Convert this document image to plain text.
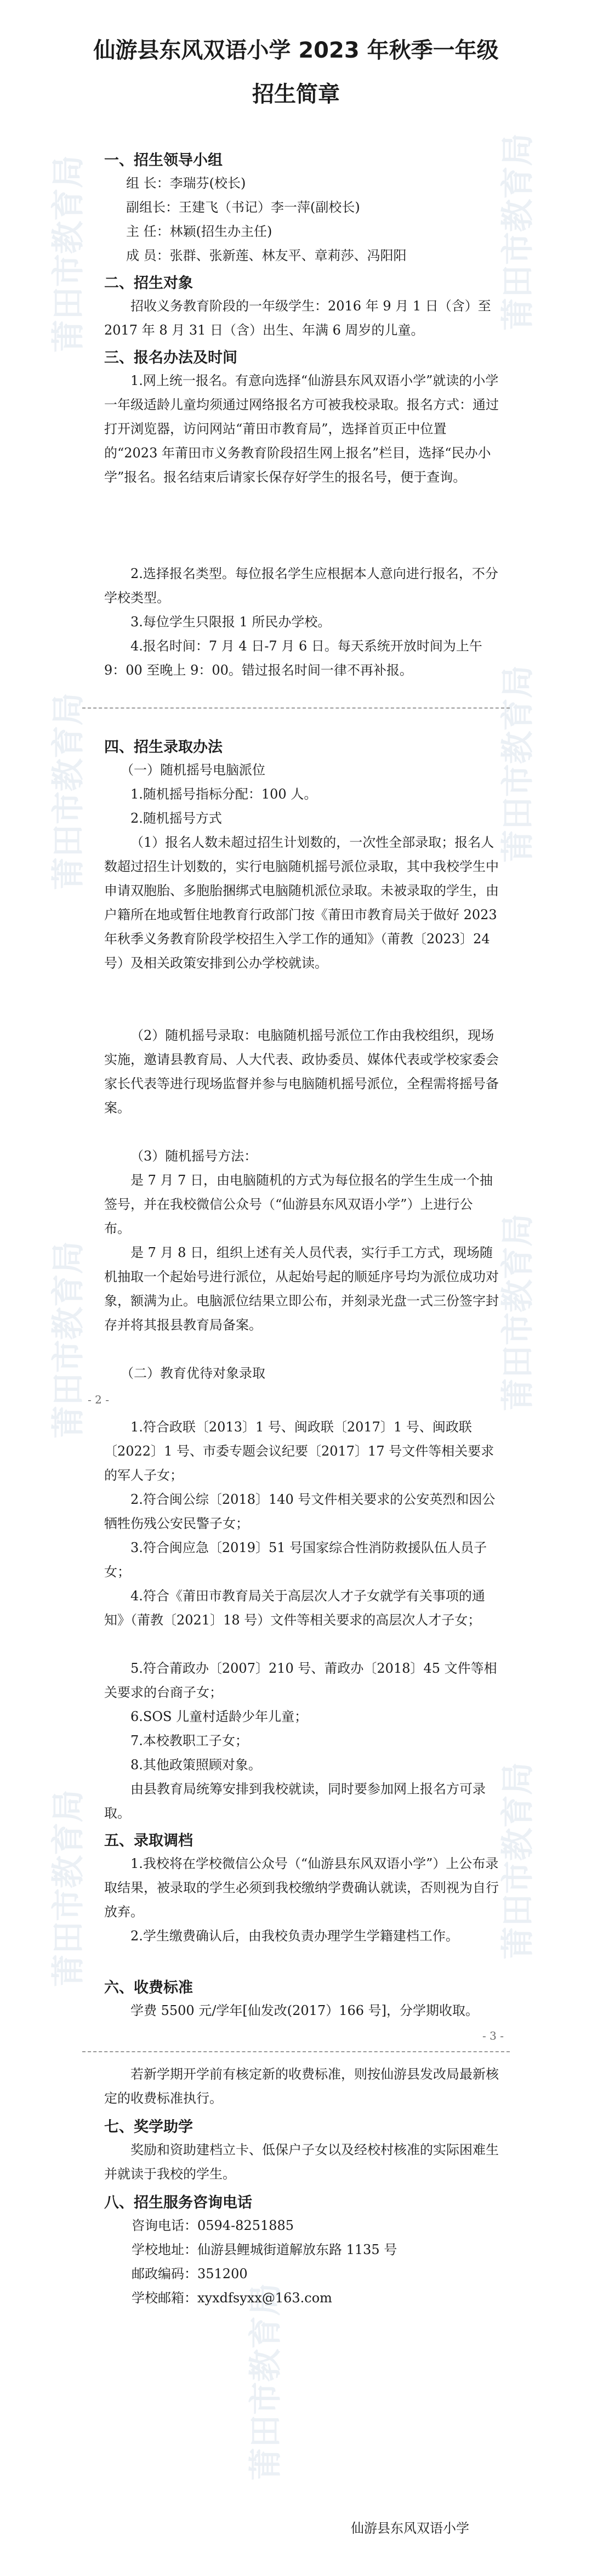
莆田市教育局	莆田市教育局
莆田市教育局	莆田市教育局
莆田市教育局	莆田市教育局
莆田市教育局	莆田市教育局
莆田市教育局
仙游县东风双语小学 2023 年秋季一年级
招生简章
一、招生领导小组
组 长：李瑞芬(校长)
副组长：王建飞（书记）李一萍(副校长)
主 任：林颖(招生办主任)
成 员：张群、张新莲、林友平、章莉莎、冯阳阳
二、招生对象
招收义务教育阶段的一年级学生：2016 年 9 月 1 日（含）至 2017 年 8 月 31 日（含）出生、年满 6 周岁的儿童。
三、报名办法及时间
1.网上统一报名。有意向选择“仙游县东风双语小学”就读的小学一年级适龄儿童均须通过网络报名方可被我校录取。报名方式：通过打开浏览器，访问网站“莆田市教育局”，选择首页正中位置的“2023 年莆田市义务教育阶段招生网上报名”栏目，选择“民办小学”报名。报名结束后请家长保存好学生的报名号，便于查询。
2.选择报名类型。每位报名学生应根据本人意向进行报名，不分学校类型。
3.每位学生只限报 1 所民办学校。
4.报名时间：7 月 4 日-7 月 6 日。每天系统开放时间为上午 9：00 至晚上 9：00。错过报名时间一律不再补报。
四、招生录取办法
（一）随机摇号电脑派位
1.随机摇号指标分配：100 人。
2.随机摇号方式
（1）报名人数未超过招生计划数的，一次性全部录取；报名人数超过招生计划数的，实行电脑随机摇号派位录取，其中我校学生中申请双胞胎、多胞胎捆绑式电脑随机派位录取。未被录取的学生，由户籍所在地或暂住地教育行政部门按《莆田市教育局关于做好 2023 年秋季义务教育阶段学校招生入学工作的通知》（莆教〔2023〕24 号）及相关政策安排到公办学校就读。
（2）随机摇号录取：电脑随机摇号派位工作由我校组织，现场实施，邀请县教育局、人大代表、政协委员、媒体代表或学校家委会家长代表等进行现场监督并参与电脑随机摇号派位，全程需将摇号备案。
（3）随机摇号方法：
是 7 月 7 日，由电脑随机的方式为每位报名的学生生成一个抽签号，并在我校微信公众号（“仙游县东风双语小学”）上进行公布。
是 7 月 8 日，组织上述有关人员代表，实行手工方式，现场随机抽取一个起始号进行派位，从起始号起的顺延序号均为派位成功对象，额满为止。电脑派位结果立即公布，并刻录光盘一式三份签字封存并将其报县教育局备案。
（二）教育优待对象录取
- 2 -
1.符合政联〔2013〕1 号、闽政联〔2017〕1 号、闽政联〔2022〕1 号、市委专题会议纪要〔2017〕17 号文件等相关要求的军人子女；
2.符合闽公综〔2018〕140 号文件相关要求的公安英烈和因公牺牲伤残公安民警子女；
3.符合闽应急〔2019〕51 号国家综合性消防救援队伍人员子女；
4.符合《莆田市教育局关于高层次人才子女就学有关事项的通知》（莆教〔2021〕18 号）文件等相关要求的高层次人才子女；
5.符合莆政办〔2007〕210 号、莆政办〔2018〕45 文件等相关要求的台商子女；
6.SOS 儿童村适龄少年儿童；
7.本校教职工子女；
8.其他政策照顾对象。
由县教育局统筹安排到我校就读，同时要参加网上报名方可录取。
五、录取调档
1.我校将在学校微信公众号（“仙游县东风双语小学”）上公布录取结果，被录取的学生必须到我校缴纳学费确认就读，否则视为自行放弃。
2.学生缴费确认后，由我校负责办理学生学籍建档工作。
六、收费标准
学费 5500 元/学年[仙发改(2017）166 号]，分学期收取。
- 3 -
若新学期开学前有核定新的收费标准，则按仙游县发改局最新核定的收费标准执行。
七、奖学助学
奖励和资助建档立卡、低保户子女以及经校村核准的实际困难生并就读于我校的学生。
八、招生服务咨询电话
咨询电话：0594-8251885
学校地址：仙游县鲤城街道解放东路 1135 号
邮政编码：351200
学校邮箱：xyxdfsyxx@163.com
仙游县东风双语小学
